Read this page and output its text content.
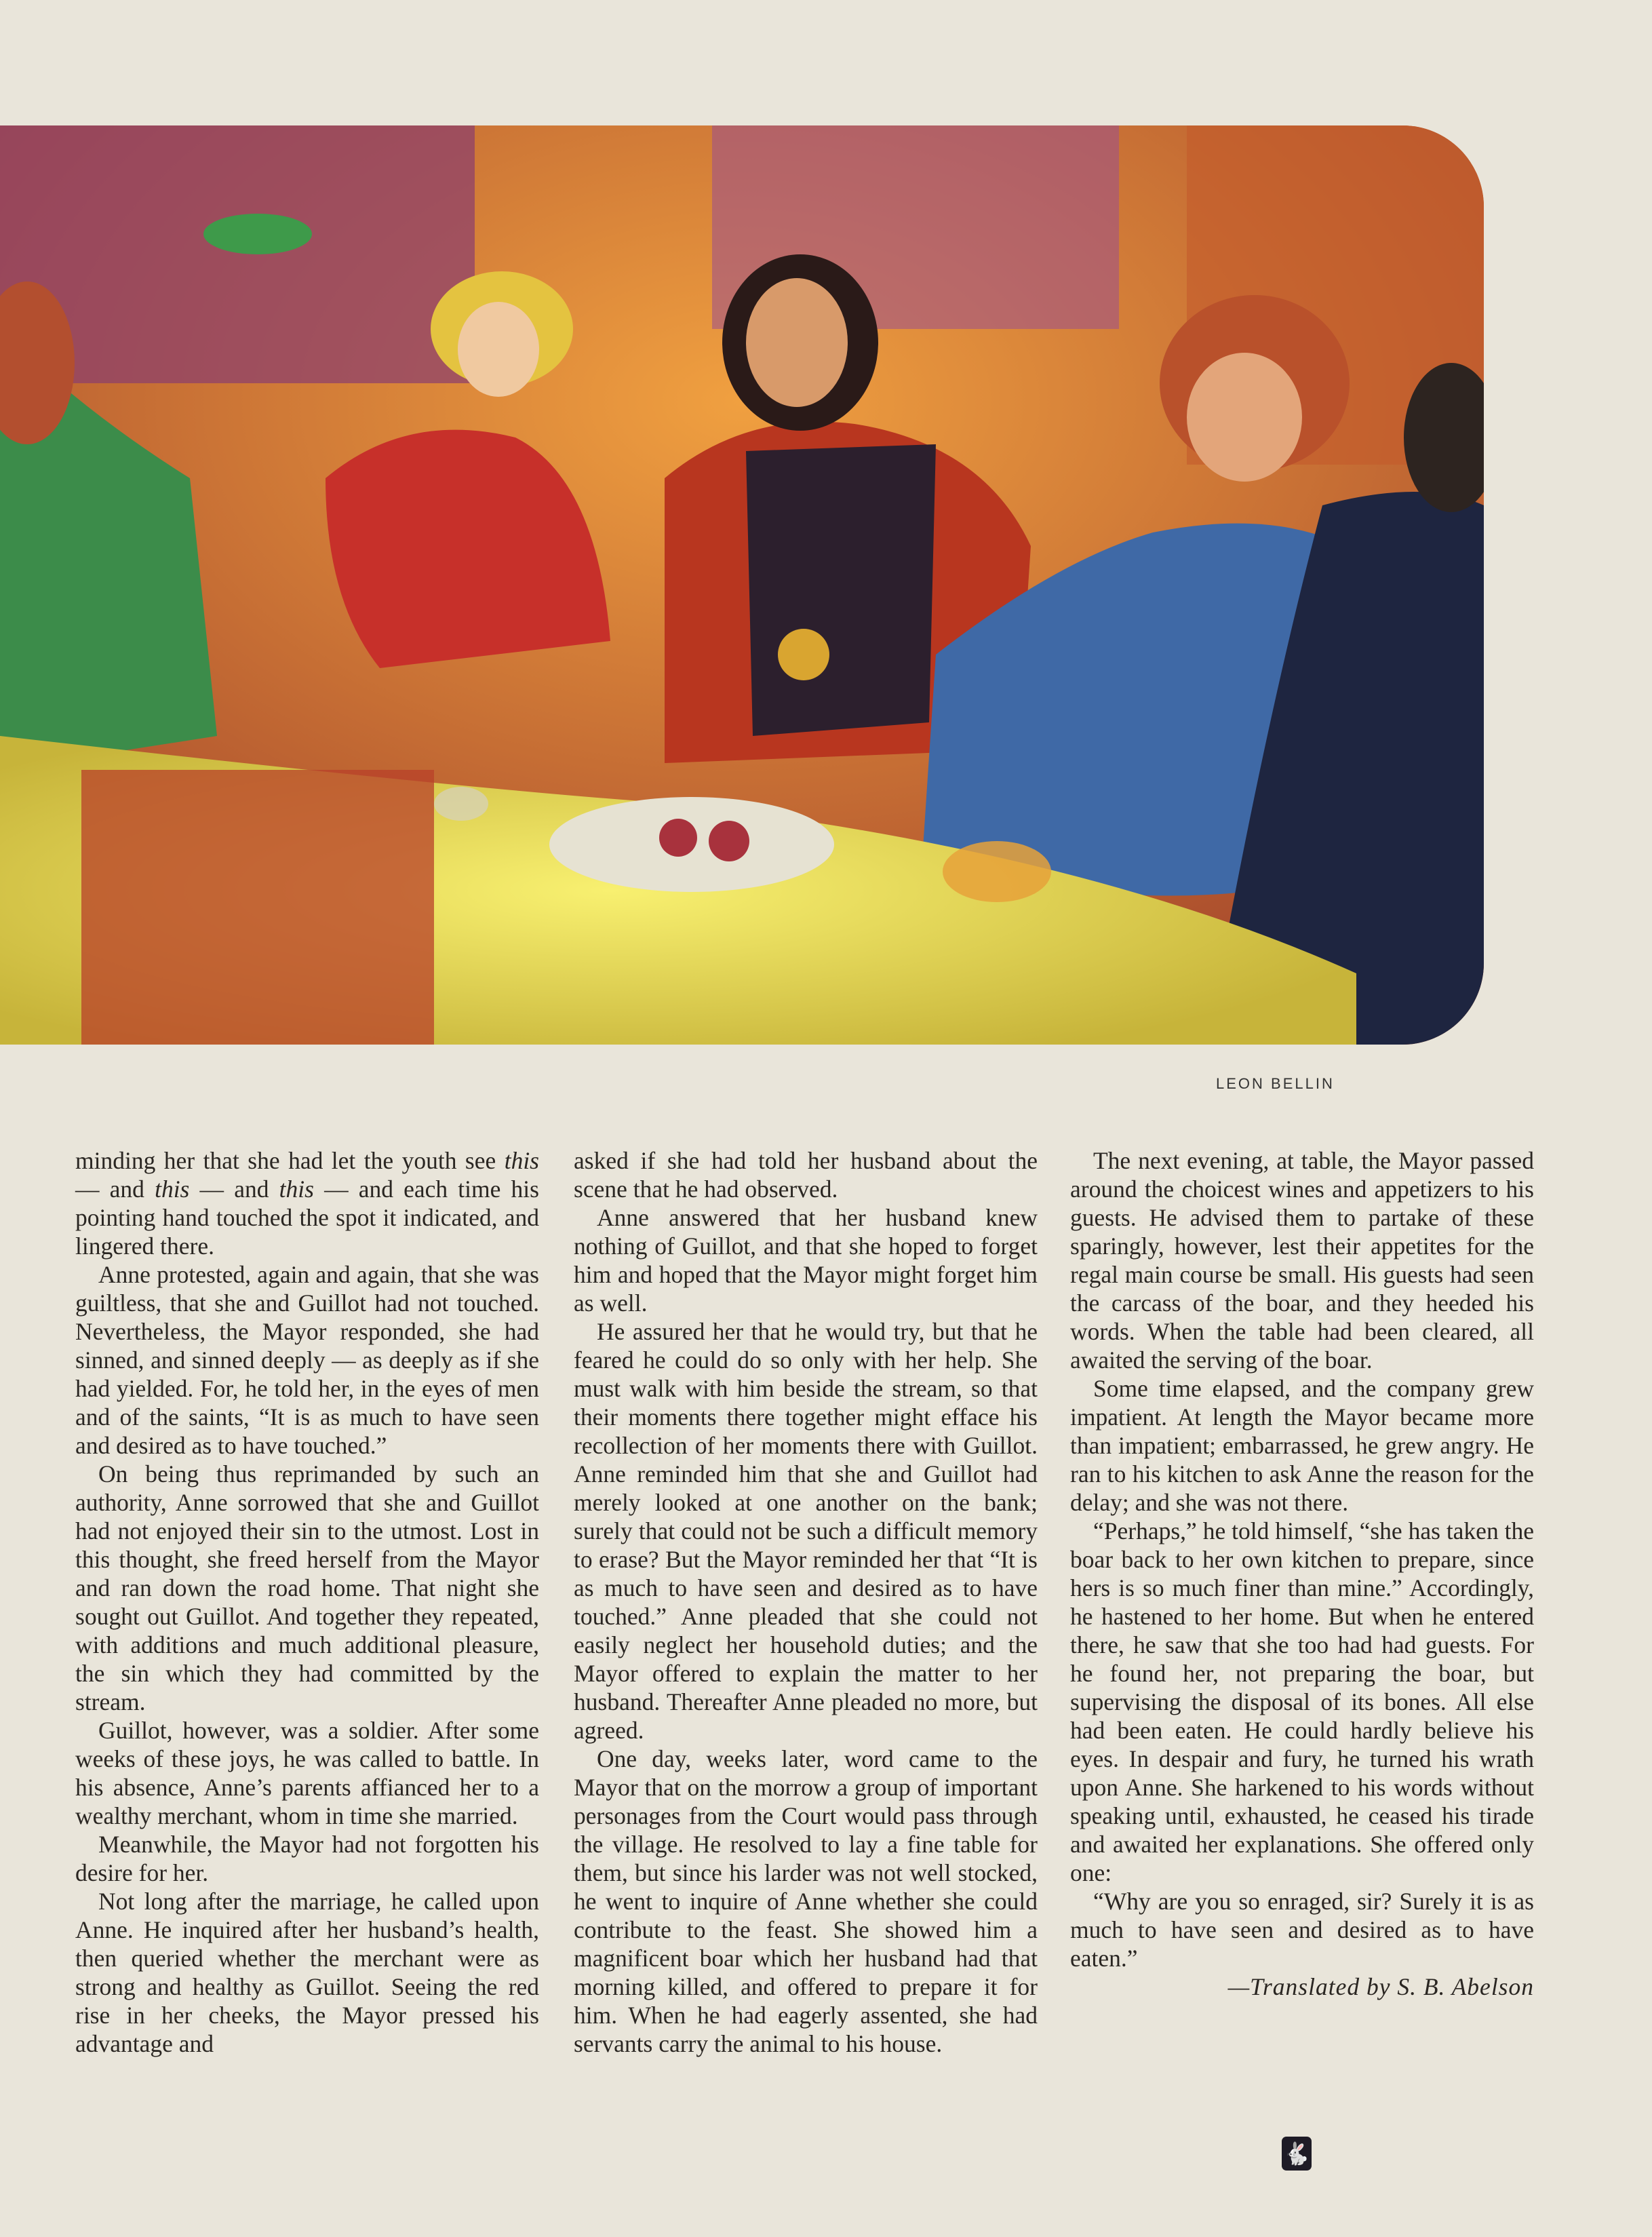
LEON BELLIN

minding her that she had let the youth see this — and this — and this — and each time his pointing hand touched the spot it indicated, and lingered there.

Anne protested, again and again, that she was guiltless, that she and Guillot had not touched. Nevertheless, the Mayor responded, she had sinned, and sinned deeply — as deeply as if she had yielded. For, he told her, in the eyes of men and of the saints, “It is as much to have seen and desired as to have touched.”

On being thus reprimanded by such an authority, Anne sorrowed that she and Guillot had not enjoyed their sin to the utmost. Lost in this thought, she freed herself from the Mayor and ran down the road home. That night she sought out Guillot. And together they repeated, with additions and much additional pleasure, the sin which they had committed by the stream.

Guillot, however, was a soldier. After some weeks of these joys, he was called to battle. In his absence, Anne’s parents affianced her to a wealthy merchant, whom in time she married.

Meanwhile, the Mayor had not forgotten his desire for her.

Not long after the marriage, he called upon Anne. He inquired after her husband’s health, then queried whether the merchant were as strong and healthy as Guillot. Seeing the red rise in her cheeks, the Mayor pressed his advantage and

asked if she had told her husband about the scene that he had observed.

Anne answered that her husband knew nothing of Guillot, and that she hoped to forget him and hoped that the Mayor might forget him as well.

He assured her that he would try, but that he feared he could do so only with her help. She must walk with him beside the stream, so that their moments there together might efface his recollection of her moments there with Guillot. Anne reminded him that she and Guillot had merely looked at one another on the bank; surely that could not be such a difficult memory to erase? But the Mayor reminded her that “It is as much to have seen and desired as to have touched.” Anne pleaded that she could not easily neglect her household duties; and the Mayor offered to explain the matter to her husband. Thereafter Anne pleaded no more, but agreed.

One day, weeks later, word came to the Mayor that on the morrow a group of important personages from the Court would pass through the village. He resolved to lay a fine table for them, but since his larder was not well stocked, he went to inquire of Anne whether she could contribute to the feast. She showed him a magnificent boar which her husband had that morning killed, and offered to prepare it for him. When he had eagerly assented, she had servants carry the animal to his house.

The next evening, at table, the Mayor passed around the choicest wines and appetizers to his guests. He advised them to partake of these sparingly, however, lest their appetites for the regal main course be small. His guests had seen the carcass of the boar, and they heeded his words. When the table had been cleared, all awaited the serving of the boar.

Some time elapsed, and the company grew impatient. At length the Mayor became more than impatient; embarrassed, he grew angry. He ran to his kitchen to ask Anne the reason for the delay; and she was not there.

“Perhaps,” he told himself, “she has taken the boar back to her own kitchen to prepare, since hers is so much finer than mine.” Accordingly, he hastened to her home. But when he entered there, he saw that she too had had guests. For he found her, not preparing the boar, but supervising the disposal of its bones. All else had been eaten. He could hardly believe his eyes. In despair and fury, he turned his wrath upon Anne. She harkened to his words without speaking until, exhausted, he ceased his tirade and awaited her explanations. She offered only one:

“Why are you so enraged, sir? Surely it is as much to have seen and desired as to have eaten.”

—Translated by S. B. Abelson
🐇
